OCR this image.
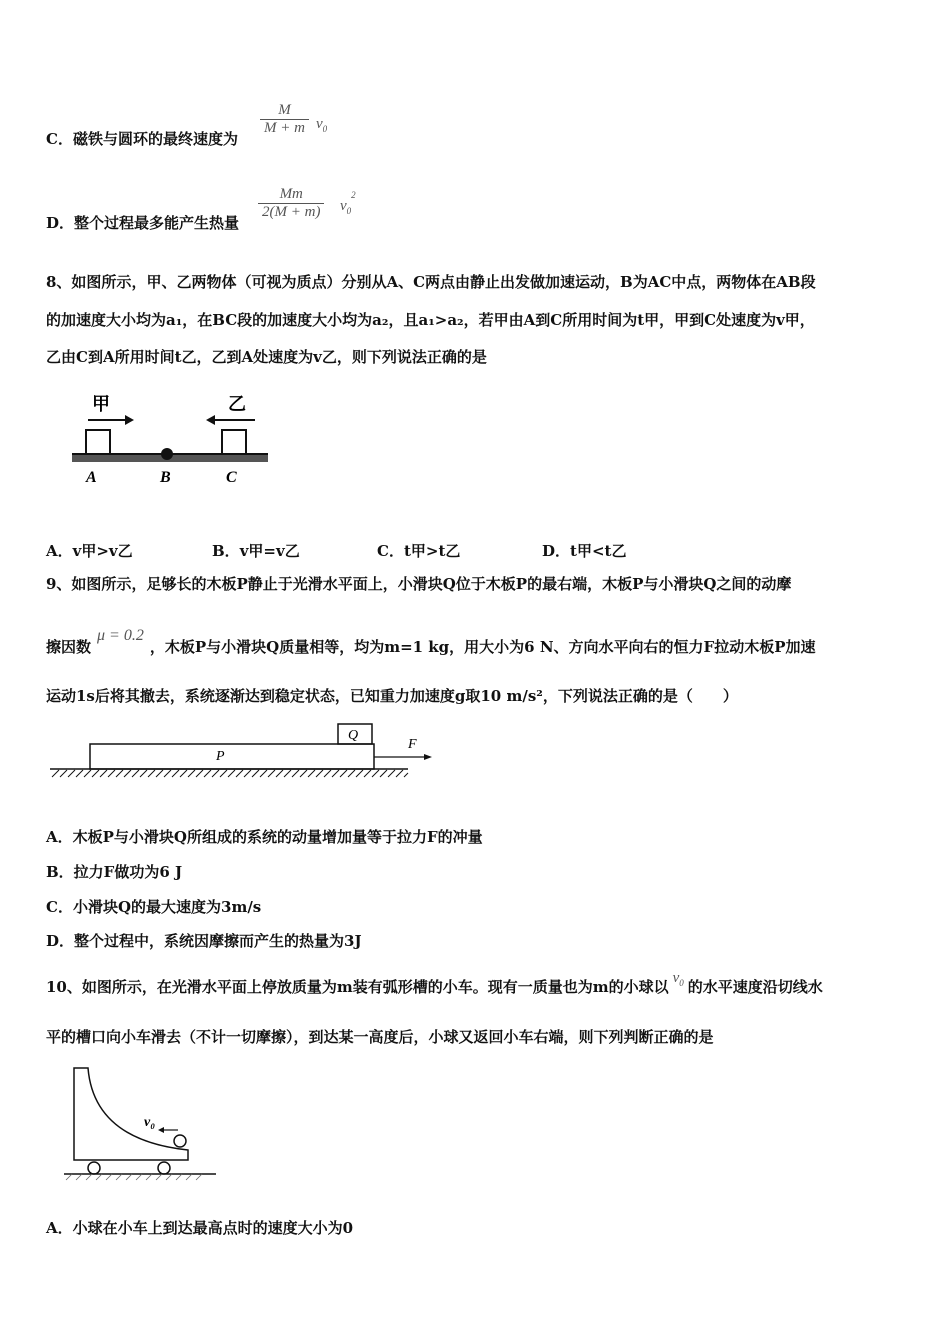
C．磁铁与圆环的最终速度为
M
M + m $v_0$
D．整个过程最多能产生热量
Mm
2(M + m) $v_0^2$
8、如图所示，甲、乙两物体（可视为质点）分别从A、C两点由静止出发做加速运动，B为AC中点，两物体在AB段
的加速度大小均为a₁，在BC段的加速度大小均为a₂，且a₁>a₂，若甲由A到C所用时间为t甲，甲到C处速度为v甲，
乙由C到A所用时间t乙，乙到A处速度为v乙，则下列说法正确的是
甲	乙
A	B	C
A．v甲>v乙	B．v甲=v乙	C．t甲>t乙	D．t甲<t乙
9、如图所示，足够长的木板P静止于光滑水平面上，小滑块Q位于木板P的最右端，木板P与小滑块Q之间的动摩
擦因数μ = 0.2，木板P与小滑块Q质量相等，均为m=1 kg，用大小为6 N、方向水平向右的恒力F拉动木板P加速
运动1s后将其撤去，系统逐渐达到稳定状态，已知重力加速度g取10 m/s²，下列说法正确的是（　　）
Q
P
F
A．木板P与小滑块Q所组成的系统的动量增加量等于拉力F的冲量
B．拉力F做功为6 J
C．小滑块Q的最大速度为3m/s
D．整个过程中，系统因摩擦而产生的热量为3J
10、如图所示，在光滑水平面上停放质量为m装有弧形槽的小车。现有一质量也为m的小球以 $v_0$ 的水平速度沿切线水
平的槽口向小车滑去（不计一切摩擦），到达某一高度后，小球又返回小车右端，则下列判断正确的是
v₀
A．小球在小车上到达最高点时的速度大小为0
